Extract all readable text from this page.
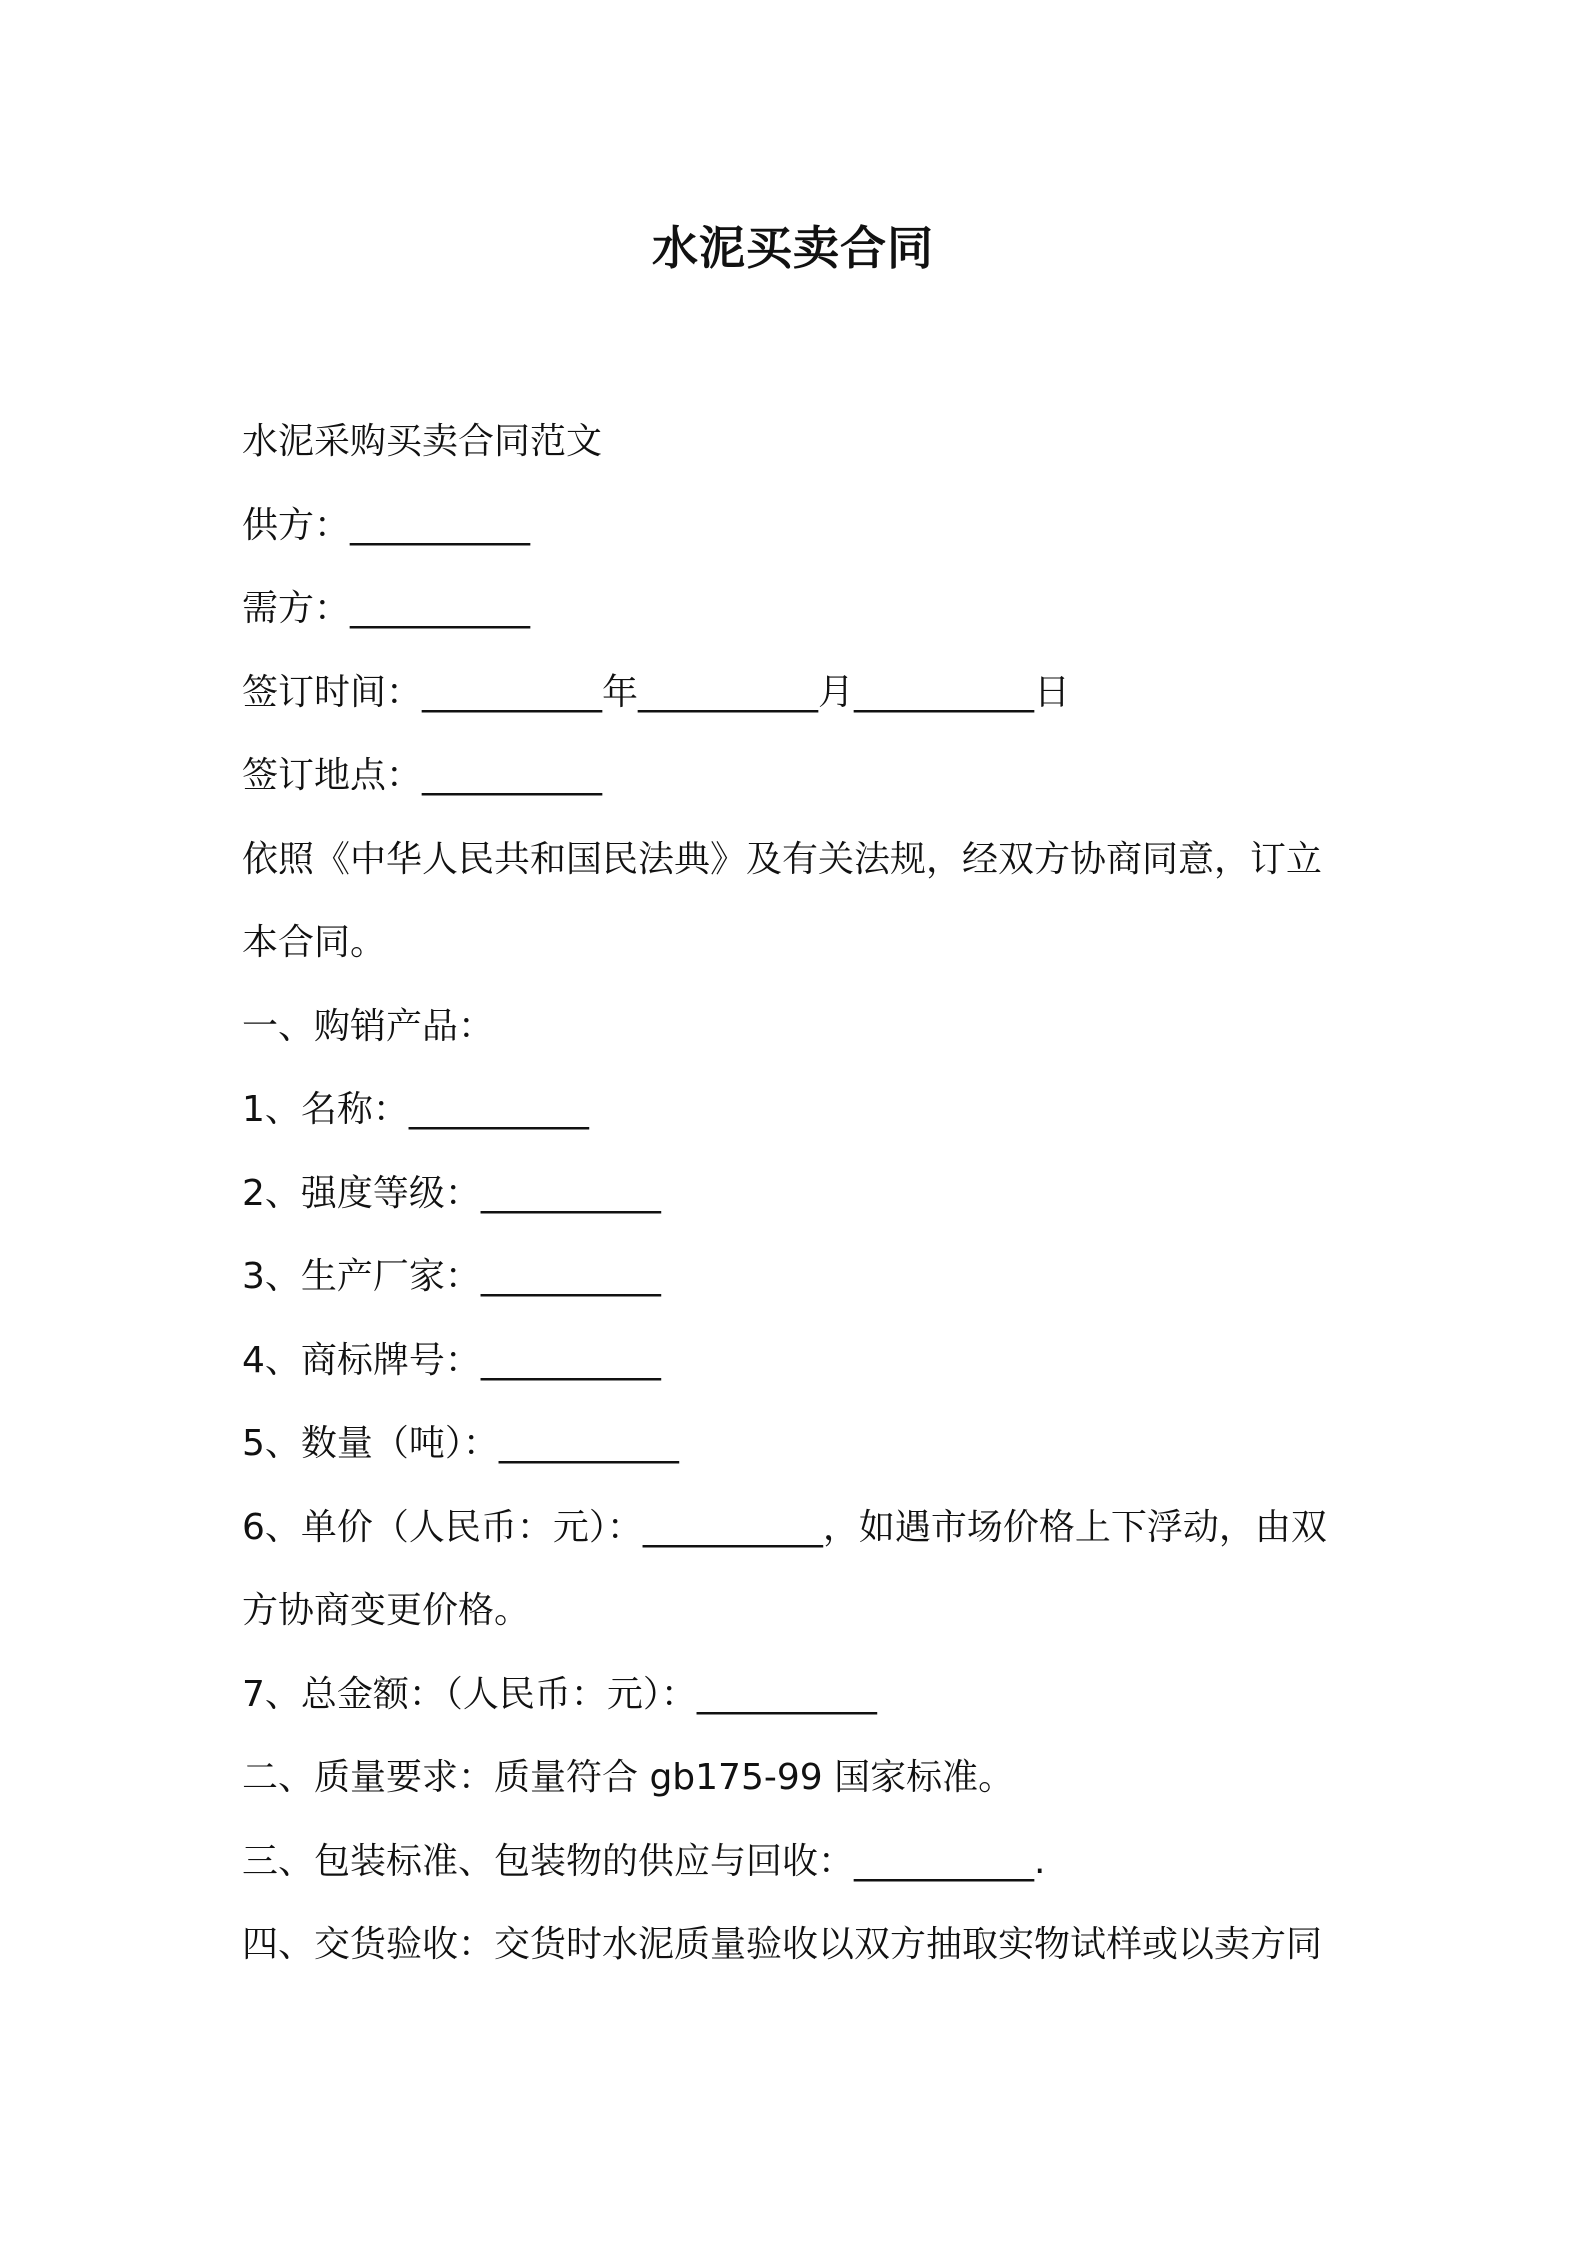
水泥买卖合同

水泥采购买卖合同范文

供方：__________

需方：__________

签订时间：__________年__________月__________日

签订地点：__________

依照《中华人民共和国民法典》及有关法规，经双方协商同意，订立

本合同。

一、购销产品：

1、名称：__________

2、强度等级：__________

3、生产厂家：__________

4、商标牌号：__________

5、数量（吨）：__________

6、单价（人民币：元）：__________，如遇市场价格上下浮动，由双

方协商变更价格。

7、总金额：（人民币：元）：__________

二、质量要求：质量符合 gb175-99 国家标准。

三、包装标准、包装物的供应与回收：__________.

四、交货验收：交货时水泥质量验收以双方抽取实物试样或以卖方同
